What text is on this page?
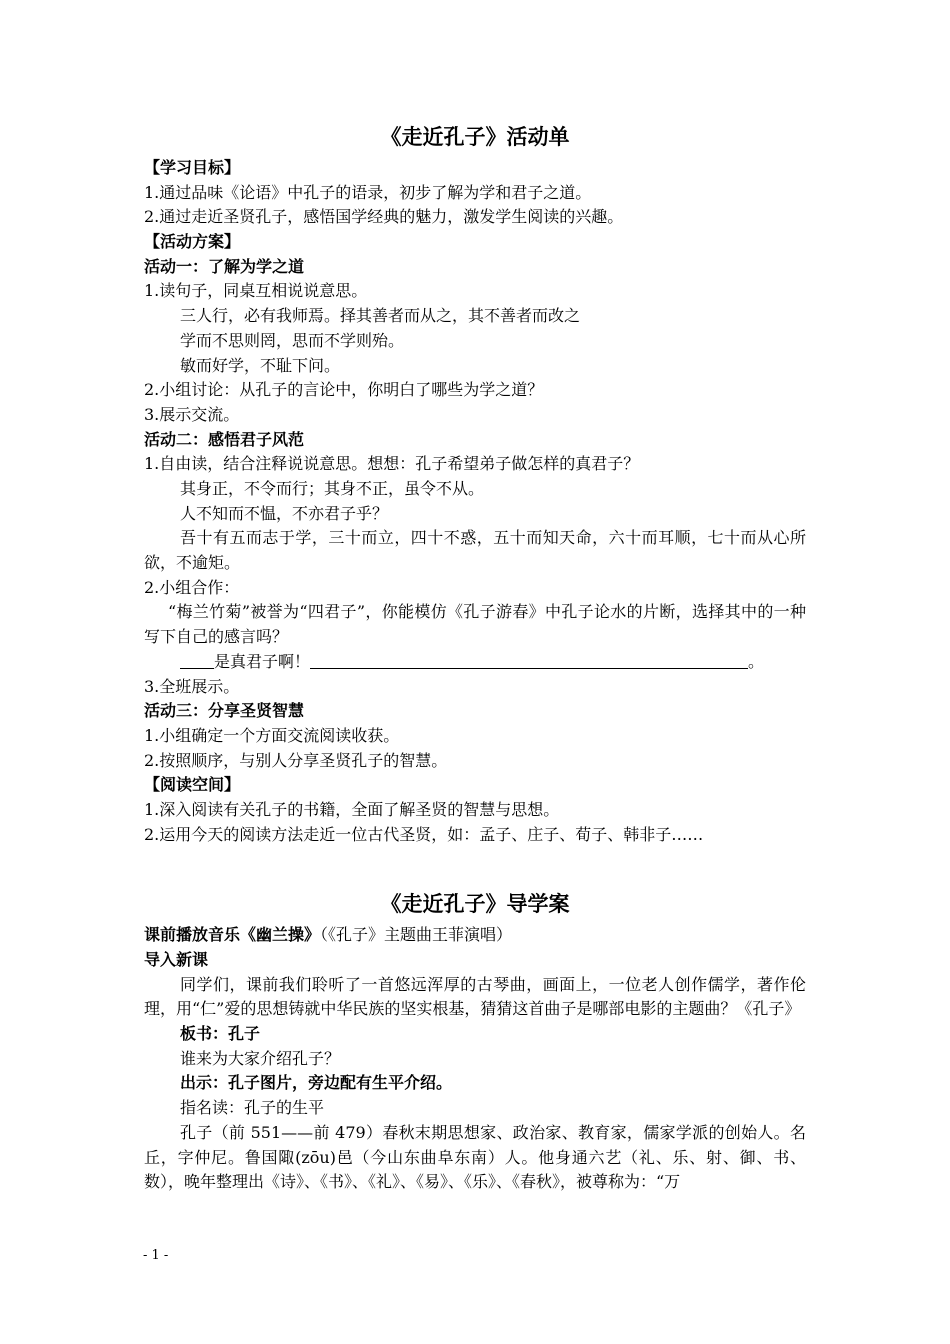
《走近孔子》活动单
【学习目标】
1.通过品味《论语》中孔子的语录，初步了解为学和君子之道。
2.通过走近圣贤孔子，感悟国学经典的魅力，激发学生阅读的兴趣。
【活动方案】
活动一：了解为学之道
1.读句子，同桌互相说说意思。
三人行，必有我师焉。择其善者而从之，其不善者而改之
学而不思则罔，思而不学则殆。
敏而好学，不耻下问。
2.小组讨论：从孔子的言论中，你明白了哪些为学之道？
3.展示交流。
活动二：感悟君子风范
1.自由读，结合注释说说意思。想想：孔子希望弟子做怎样的真君子？
其身正，不令而行；其身不正，虽令不从。
人不知而不愠，不亦君子乎？
吾十有五而志于学，三十而立，四十不惑，五十而知天命，六十而耳顺，七十而从心所欲，不逾矩。
2.小组合作：
“梅兰竹菊”被誉为“四君子”，你能模仿《孔子游春》中孔子论水的片断，选择其中的一种写下自己的感言吗？
是真君子啊！	。
3.全班展示。
活动三：分享圣贤智慧
1.小组确定一个方面交流阅读收获。
2.按照顺序，与别人分享圣贤孔子的智慧。
【阅读空间】
1.深入阅读有关孔子的书籍，全面了解圣贤的智慧与思想。
2.运用今天的阅读方法走近一位古代圣贤，如：孟子、庄子、荀子、韩非子……
《走近孔子》导学案
课前播放音乐《幽兰操》（《孔子》主题曲王菲演唱）
导入新课
同学们，课前我们聆听了一首悠远浑厚的古琴曲，画面上，一位老人创作儒学，著作伦理，用“仁”爱的思想铸就中华民族的坚实根基，猜猜这首曲子是哪部电影的主题曲？《孔子》
板书：孔子
谁来为大家介绍孔子？
出示：孔子图片，旁边配有生平介绍。
指名读：孔子的生平
孔子（前 551——前 479）春秋末期思想家、政治家、教育家，儒家学派的创始人。名丘，字仲尼。鲁国陬(zōu)邑（今山东曲阜东南）人。他身通六艺（礼、乐、射、御、书、数），晚年整理出《诗》、《书》、《礼》、《易》、《乐》、《春秋》，被尊称为：“万
- 1 -
